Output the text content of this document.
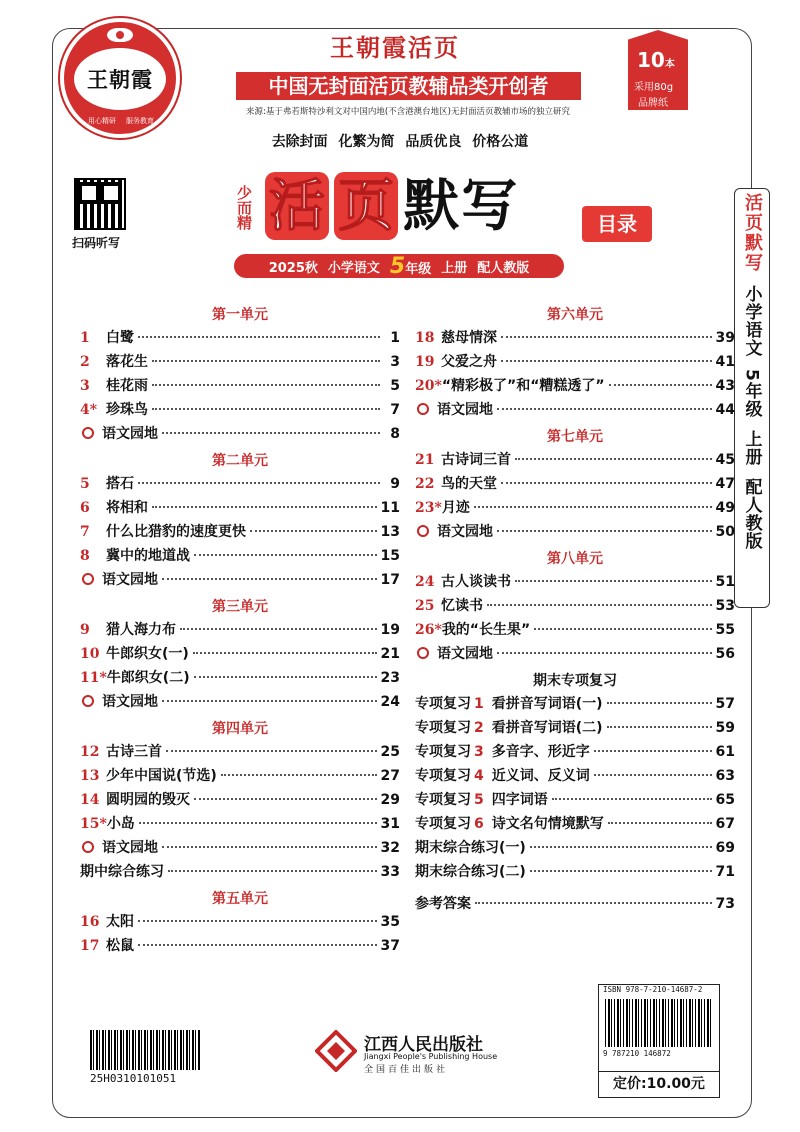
王朝霞
用心精研 服务教育
王朝霞活页
中国无封面活页教辅品类开创者
来源:基于弗若斯特沙利文对中国内地(不含港澳台地区)无封面活页教辅市场的独立研究
10本
采用80g
品牌纸
去除封面 化繁为简 品质优良 价格公道
扫码听写
少而精 活 页 默写	目录
2025秋 小学语文 5年级 上册 配人教版	活页默写
小学语文
5年级
上册
配人教版
第一单元
1	白鹭	1
2	落花生	3
3	桂花雨	5
4* 珍珠鸟	7
语文园地	8
第二单元
5	搭石	9
6	将相和	11
7	什么比猎豹的速度更快	13
8	冀中的地道战	15
语文园地	17
第三单元
9	猎人海力布	19
10 牛郎织女(一)	21
11* 牛郎织女(二)	23
语文园地	24
第四单元
12 古诗三首	25
13 少年中国说(节选)	27
14 圆明园的毁灭	29
15* 小岛	31
语文园地	32
期中综合练习	33
第五单元
16 太阳	35
17 松鼠	37
第六单元
18 慈母情深	39
19 父爱之舟	41
20* “精彩极了”和“糟糕透了”	43
语文园地	44
第七单元
21 古诗词三首	45
22 鸟的天堂	47
23* 月迹	49
语文园地	50
第八单元
24 古人谈读书	51
25 忆读书	53
26* 我的“长生果”	55
语文园地	56
期末专项复习
专项复习 1 看拼音写词语(一)	57
专项复习 2 看拼音写词语(二)	59
专项复习 3 多音字、形近字	61
专项复习 4 近义词、反义词	63
专项复习 5 四字词语	65
专项复习 6 诗文名句情境默写	67
期末综合练习(一)	69
期末综合练习(二)	71
参考答案	73
25H0310101051
江西人民出版社
Jiangxi People's Publishing House
全国百佳出版社
ISBN 978-7-210-14687-2
9 787210 146872
定价:10.00元
